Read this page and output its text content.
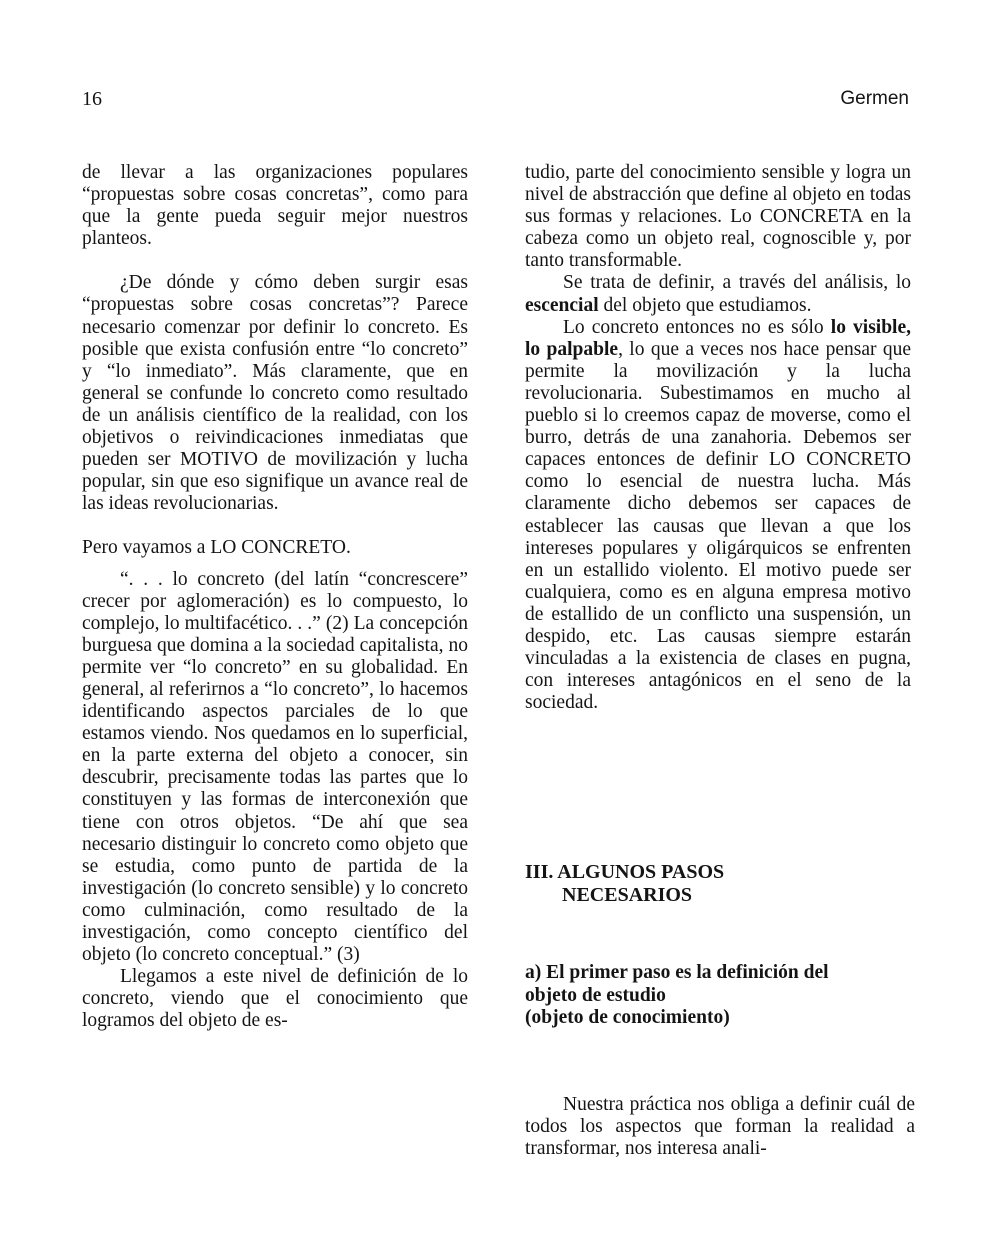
16	Germen

de llevar a las organizaciones populares “propuestas sobre cosas concretas”, como para que la gente pueda seguir mejor nuestros planteos.

¿De dónde y cómo deben surgir esas “propuestas sobre cosas concretas”? Parece necesario comenzar por definir lo concreto. Es posible que exista confusión entre “lo concreto” y “lo inmediato”. Más claramente, que en general se confunde lo concreto como resultado de un análisis científico de la realidad, con los objetivos o reivindicaciones inmediatas que pueden ser MOTIVO de movilización y lucha popular, sin que eso signifique un avance real de las ideas revolucionarias.

Pero vayamos a LO CONCRETO.

“. . . lo concreto (del latín “concrescere” crecer por aglomeración) es lo compuesto, lo complejo, lo multifacético. . .” (2) La concepción burguesa que domina a la sociedad capitalista, no permite ver “lo concreto” en su globalidad. En general, al referirnos a “lo concreto”, lo hacemos identificando aspectos parciales de lo que estamos viendo. Nos quedamos en lo superficial, en la parte externa del objeto a conocer, sin descubrir, precisamente todas las partes que lo constituyen y las formas de interconexión que tiene con otros objetos. “De ahí que sea necesario distinguir lo concreto como objeto que se estudia, como punto de partida de la investigación (lo concreto sensible) y lo concreto como culminación, como resultado de la investigación, como concepto científico del objeto (lo concreto conceptual.” (3)

Llegamos a este nivel de definición de lo concreto, viendo que el conocimiento que logramos del objeto de es-

tudio, parte del conocimiento sensible y logra un nivel de abstracción que define al objeto en todas sus formas y relaciones. Lo CONCRETA en la cabeza como un objeto real, cognoscible y, por tanto transformable.

Se trata de definir, a través del análisis, lo escencial del objeto que estudiamos.

Lo concreto entonces no es sólo lo visible, lo palpable, lo que a veces nos hace pensar que permite la movilización y la lucha revolucionaria. Subestimamos en mucho al pueblo si lo creemos capaz de moverse, como el burro, detrás de una zanahoria. Debemos ser capaces entonces de definir LO CONCRETO como lo esencial de nuestra lucha. Más claramente dicho debemos ser capaces de establecer las causas que llevan a que los intereses populares y oligárquicos se enfrenten en un estallido violento. El motivo puede ser cualquiera, como es en alguna empresa motivo de estallido de un conflicto una suspensión, un despido, etc. Las causas siempre estarán vinculadas a la existencia de clases en pugna, con intereses antagónicos en el seno de la sociedad.

III. ALGUNOS PASOS
NECESARIOS
a) El primer paso es la definición del
objeto de estudio
(objeto de conocimiento)

Nuestra práctica nos obliga a definir cuál de todos los aspectos que forman la realidad a transformar, nos interesa anali-
